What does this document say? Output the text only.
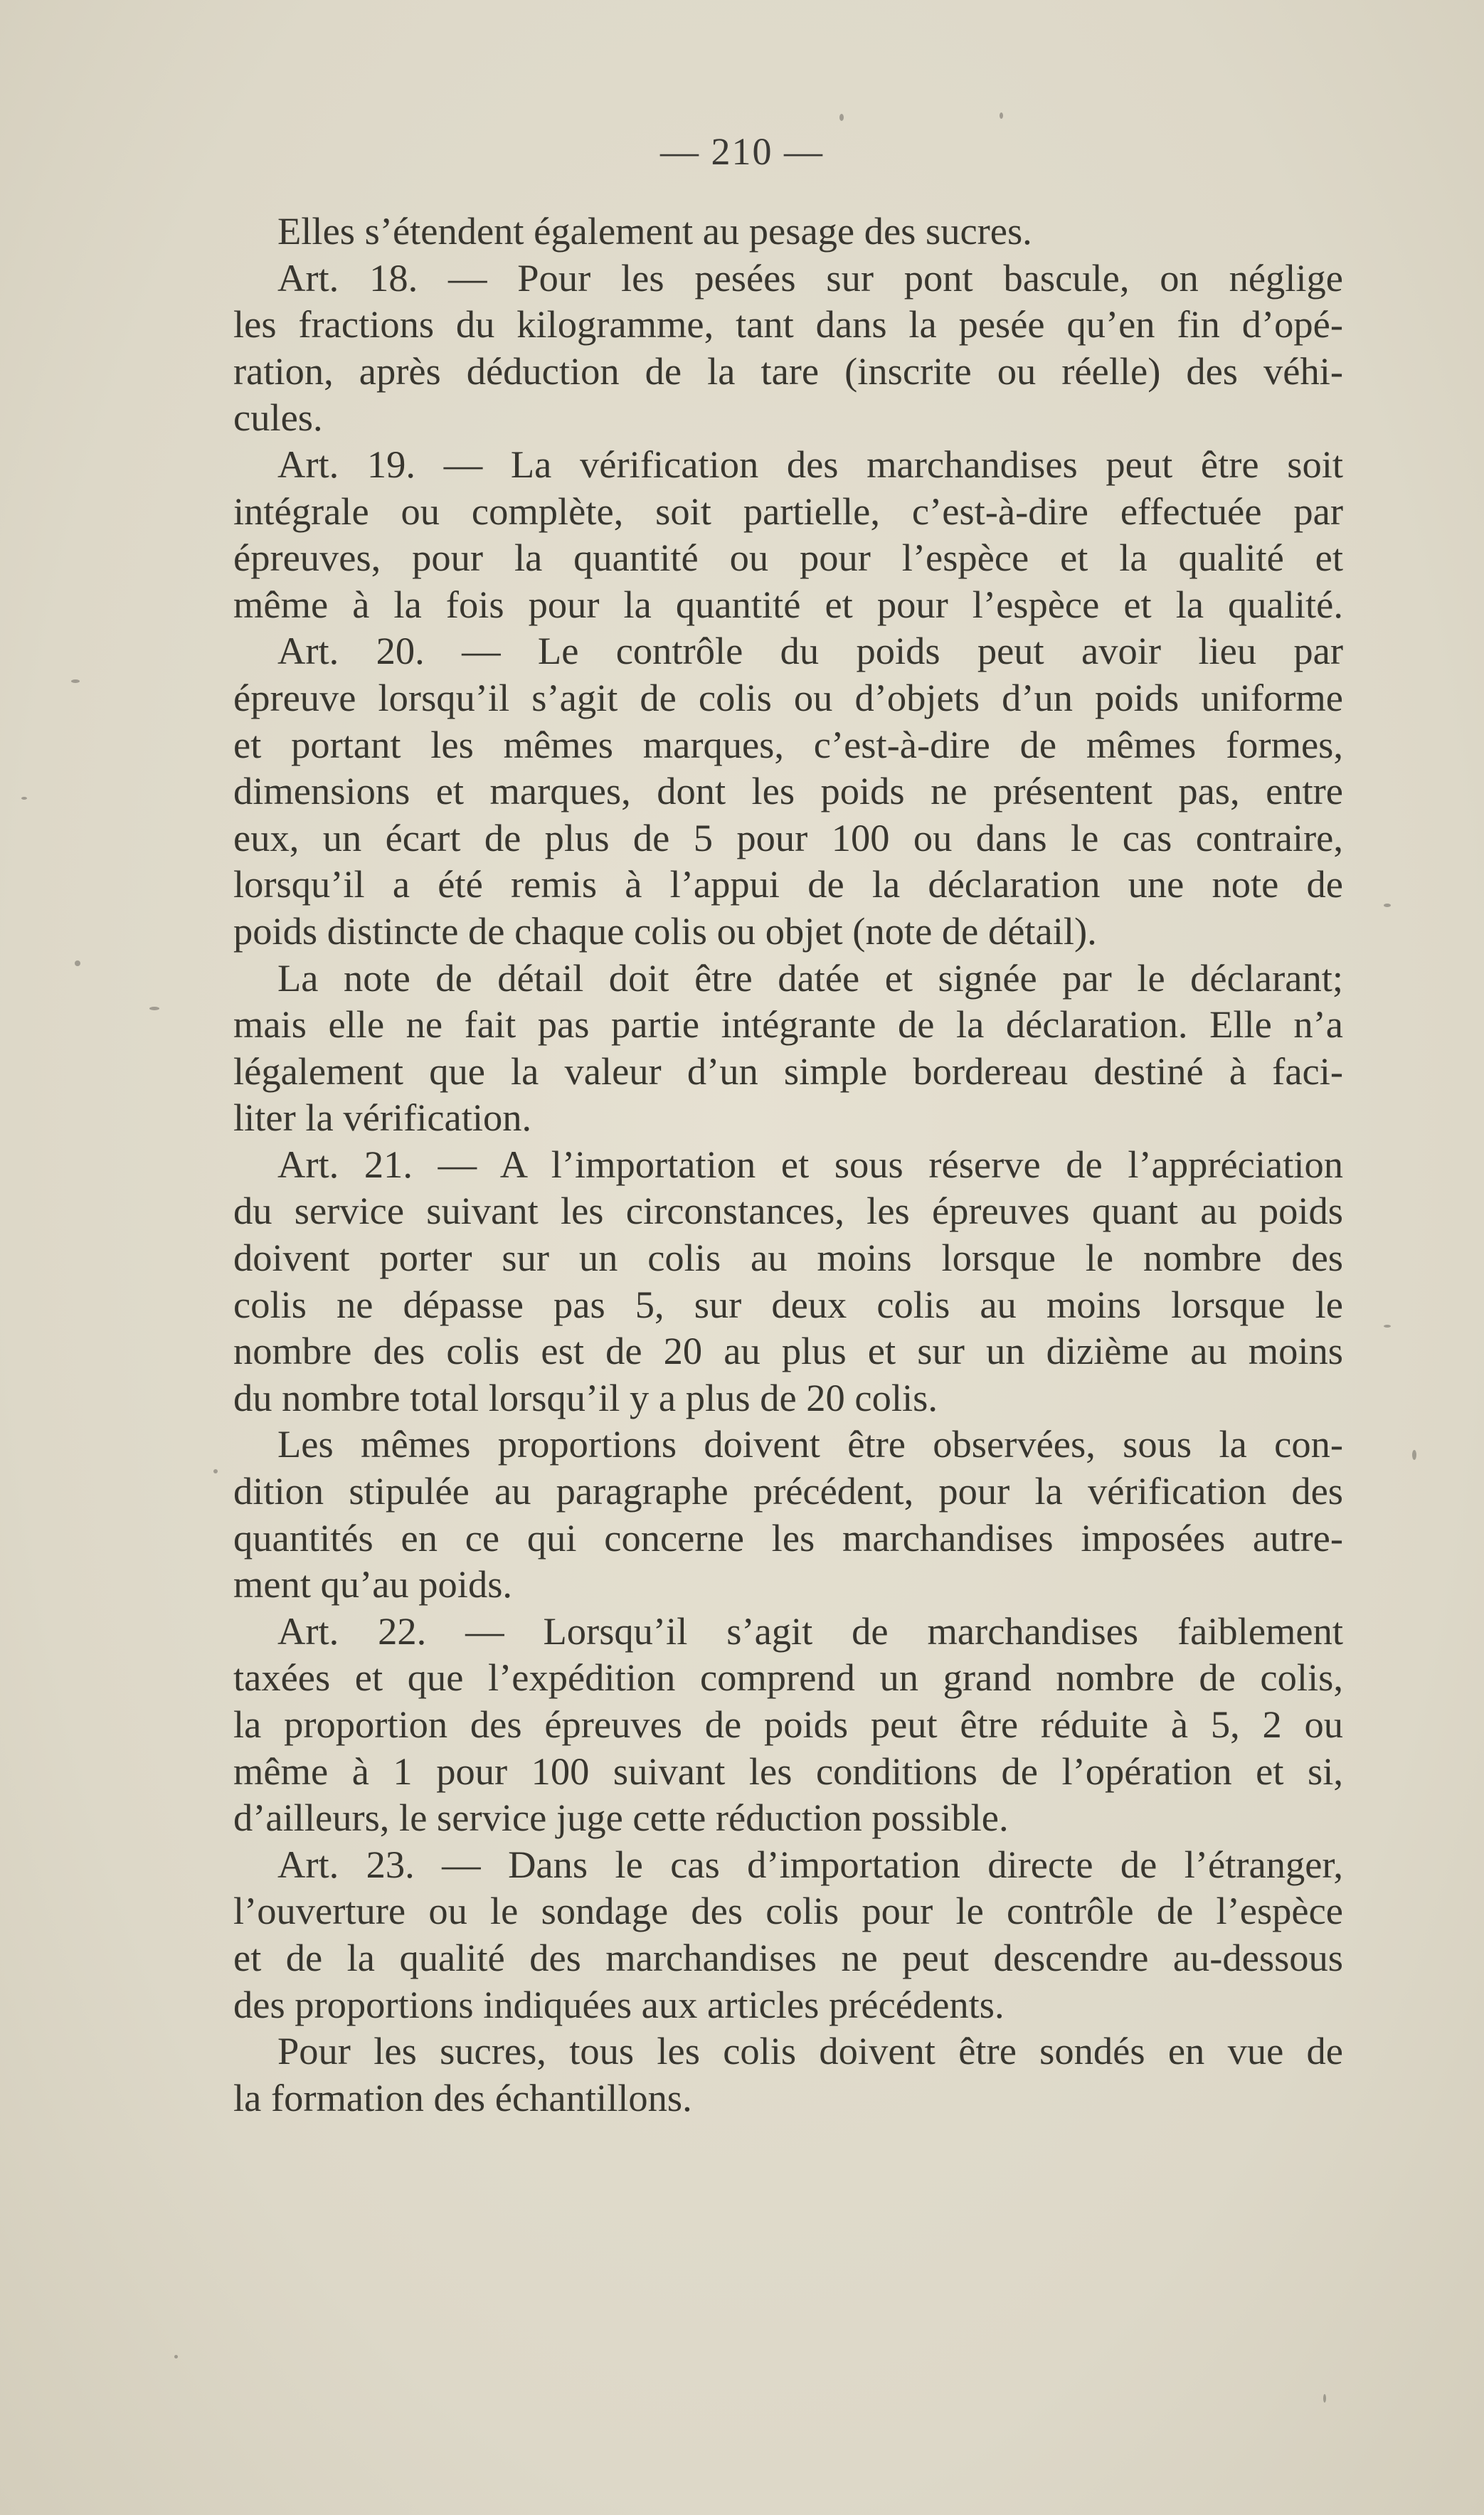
— 210 —
Elles s’étendent également au pesage des sucres.
Art. 18. — Pour les pesées sur pont bascule, on néglige
les fractions du kilogramme, tant dans la pesée qu’en fin d’opé-
ration, après déduction de la tare (inscrite ou réelle) des véhi-
cules.
Art. 19. — La vérification des marchandises peut être soit
intégrale ou complète, soit partielle, c’est-à-dire effectuée par
épreuves, pour la quantité ou pour l’espèce et la qualité et
même à la fois pour la quantité et pour l’espèce et la qualité.
Art. 20. — Le contrôle du poids peut avoir lieu par
épreuve lorsqu’il s’agit de colis ou d’objets d’un poids uniforme
et portant les mêmes marques, c’est-à-dire de mêmes formes,
dimensions et marques, dont les poids ne présentent pas, entre
eux, un écart de plus de 5 pour 100 ou dans le cas contraire,
lorsqu’il a été remis à l’appui de la déclaration une note de
poids distincte de chaque colis ou objet (note de détail).
La note de détail doit être datée et signée par le déclarant;
mais elle ne fait pas partie intégrante de la déclaration. Elle n’a
légalement que la valeur d’un simple bordereau destiné à faci-
liter la vérification.
Art. 21. — A l’importation et sous réserve de l’appréciation
du service suivant les circonstances, les épreuves quant au poids
doivent porter sur un colis au moins lorsque le nombre des
colis ne dépasse pas 5, sur deux colis au moins lorsque le
nombre des colis est de 20 au plus et sur un dizième au moins
du nombre total lorsqu’il y a plus de 20 colis.
Les mêmes proportions doivent être observées, sous la con-
dition stipulée au paragraphe précédent, pour la vérification des
quantités en ce qui concerne les marchandises imposées autre-
ment qu’au poids.
Art. 22. — Lorsqu’il s’agit de marchandises faiblement
taxées et que l’expédition comprend un grand nombre de colis,
la proportion des épreuves de poids peut être réduite à 5, 2 ou
même à 1 pour 100 suivant les conditions de l’opération et si,
d’ailleurs, le service juge cette réduction possible.
Art. 23. — Dans le cas d’importation directe de l’étranger,
l’ouverture ou le sondage des colis pour le contrôle de l’espèce
et de la qualité des marchandises ne peut descendre au-dessous
des proportions indiquées aux articles précédents.
Pour les sucres, tous les colis doivent être sondés en vue de
la formation des échantillons.
